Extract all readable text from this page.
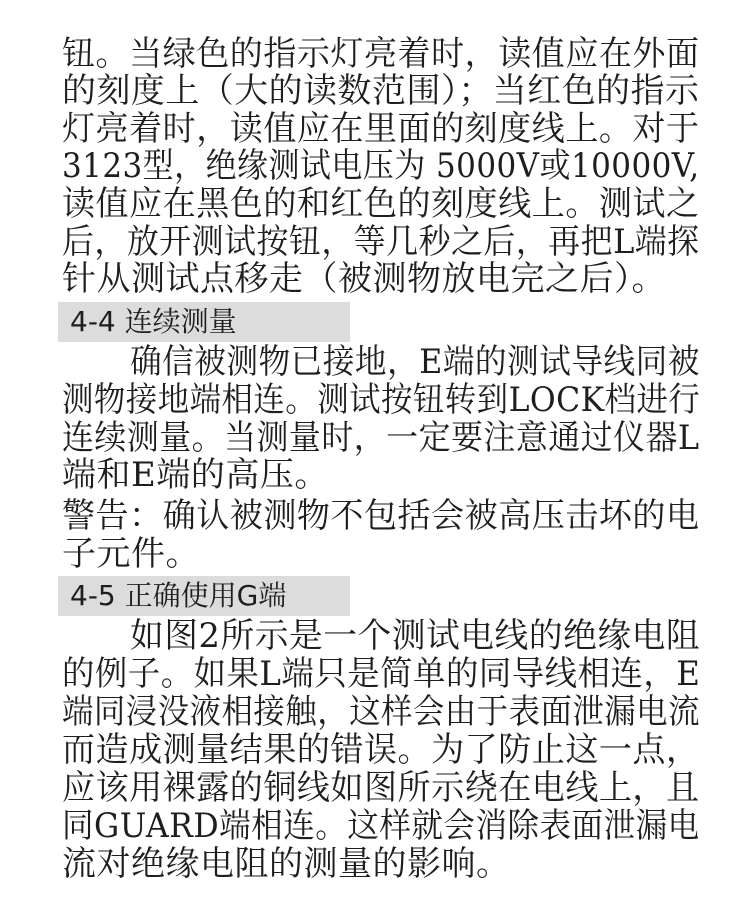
钮。当绿色的指示灯亮着时，读值应在外面
的刻度上（大的读数范围）；当红色的指示
灯亮着时，读值应在里面的刻度线上。对于
3123型，绝缘测试电压为 5000V或10000V,
读值应在黑色的和红色的刻度线上。测试之
后，放开测试按钮，等几秒之后，再把L端探
针从测试点移走（被测物放电完之后）。
4-4 连续测量
确信被测物已接地，E端的测试导线同被
测物接地端相连。测试按钮转到LOCK档进行
连续测量。当测量时，一定要注意通过仪器L
端和E端的高压。
警告：确认被测物不包括会被高压击坏的电
子元件。
4-5 正确使用G端
如图2所示是一个测试电线的绝缘电阻
的例子。如果L端只是简单的同导线相连，E
端同浸没液相接触，这样会由于表面泄漏电流
而造成测量结果的错误。为了防止这一点，
应该用裸露的铜线如图所示绕在电线上，且
同GUARD端相连。这样就会消除表面泄漏电
流对绝缘电阻的测量的影响。
